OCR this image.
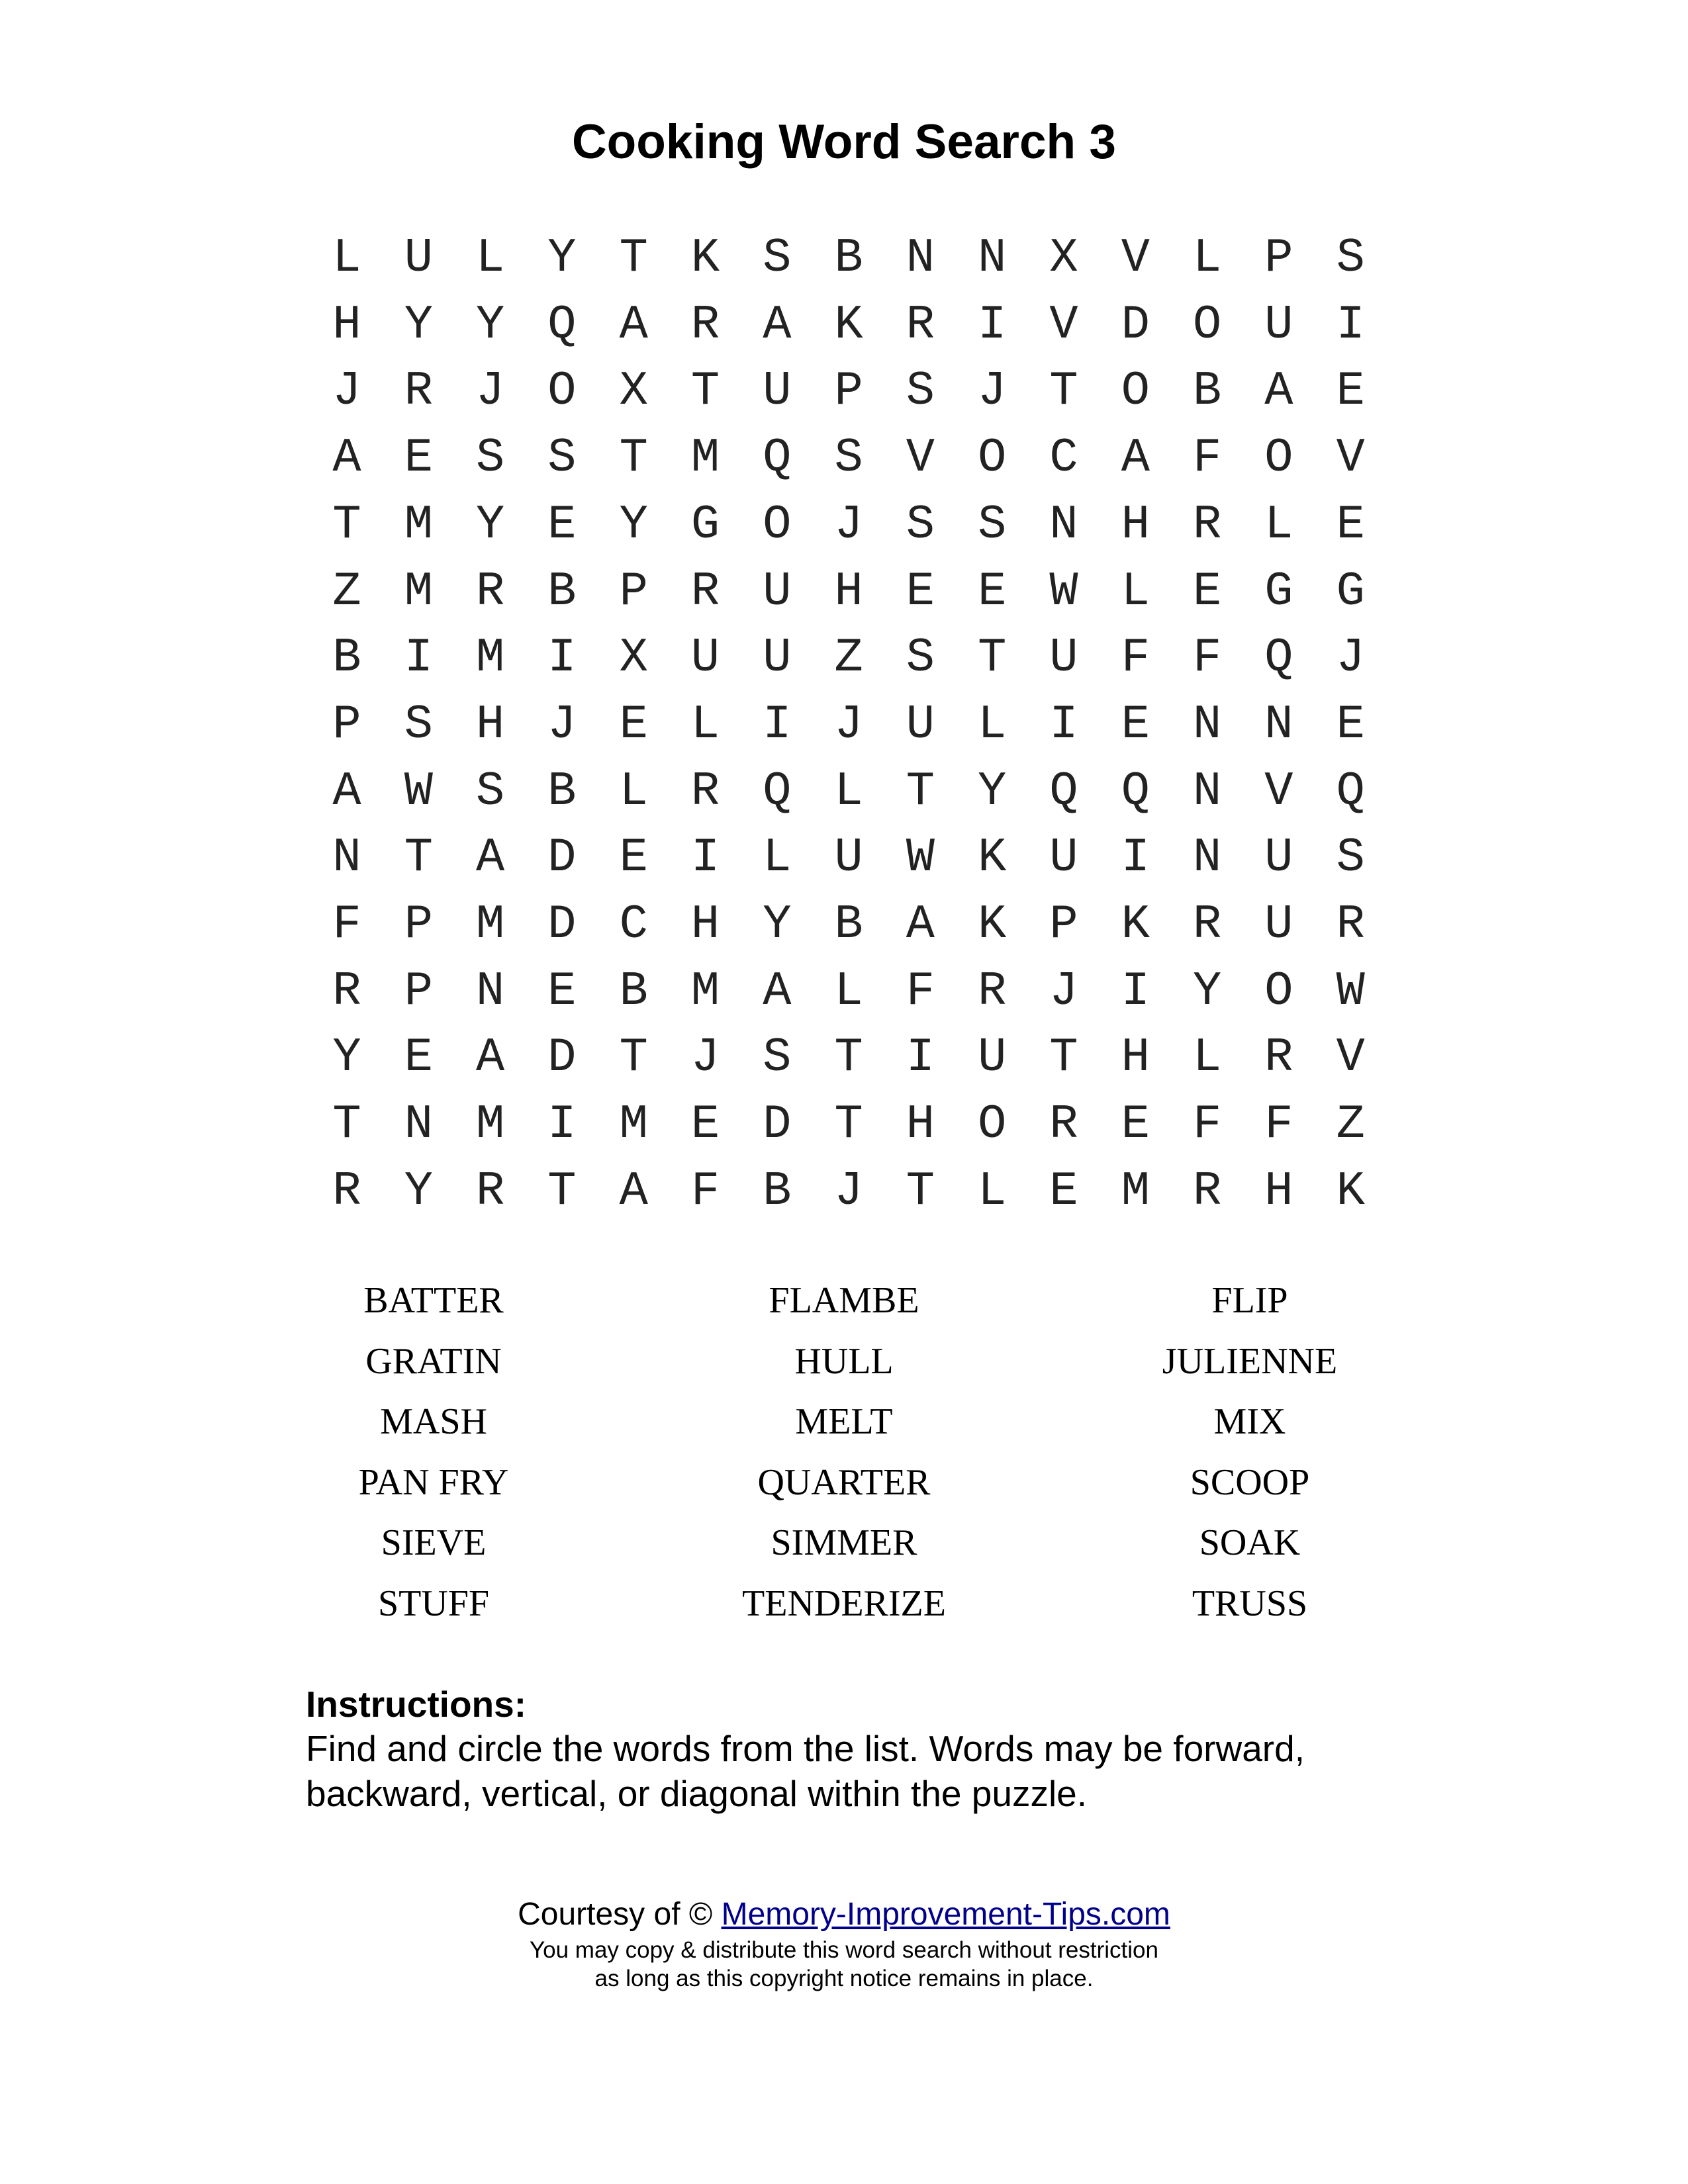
Cooking Word Search 3
L U L Y T K S B N N X V L P S
H Y Y Q A R A K R I V D O U I
J R J O X T U P S J T O B A E
A E S S T M Q S V O C A F O V
T M Y E Y G O J S S N H R L E
Z M R B P R U H E E W L E G G
B I M I X U U Z S T U F F Q J
P S H J E L I J U L I E N N E
A W S B L R Q L T Y Q Q N V Q
N T A D E I L U W K U I N U S
F P M D C H Y B A K P K R U R
R P N E B M A L F R J I Y O W
Y E A D T J S T I U T H L R V
T N M I M E D T H O R E F F Z
R Y R T A F B J T L E M R H K
BATTER	FLAMBE	FLIP
GRATIN	HULL	JULIENNE
MASH	MELT	MIX
PAN FRY	QUARTER	SCOOP
SIEVE	SIMMER	SOAK
STUFF	TENDERIZE	TRUSS
Instructions:
Find and circle the words from the list. Words may be forward,
backward, vertical, or diagonal within the puzzle.
Courtesy of © Memory-Improvement-Tips.com
You may copy & distribute this word search without restriction
as long as this copyright notice remains in place.
